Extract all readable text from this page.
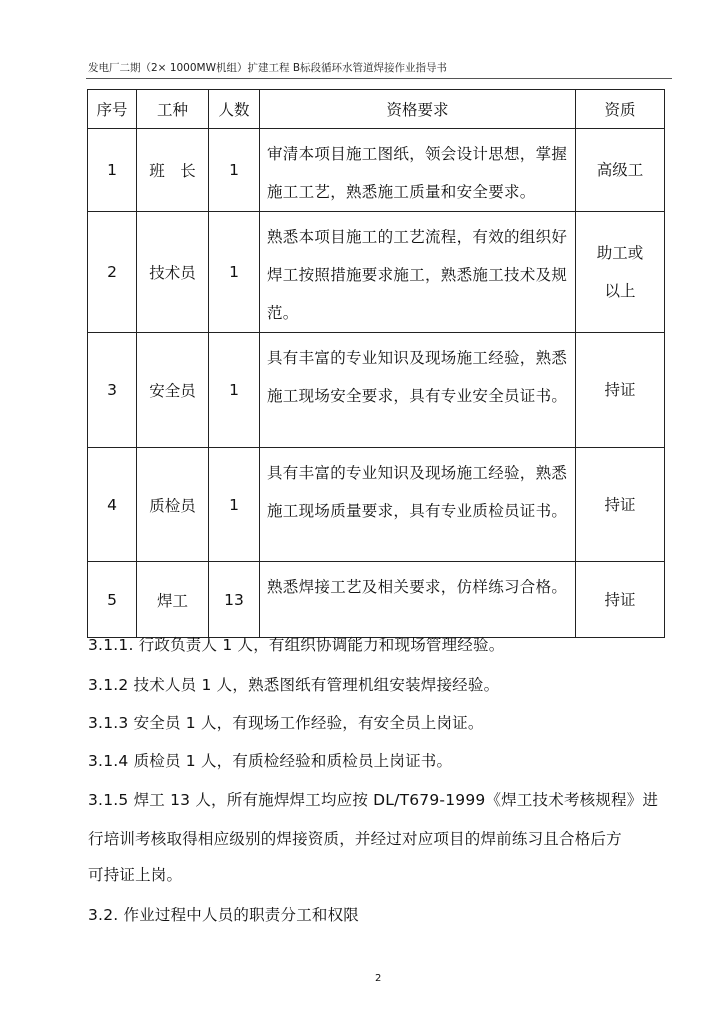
发电厂二期（2× 1000MW机组）扩建工程 B标段循环水管道焊接作业指导书
序号	工种	人数	资格要求	资质
1	班　长	1	审清本项目施工图纸，领会设计思想，掌握施工工艺，熟悉施工质量和安全要求。	高级工
2	技术员	1	熟悉本项目施工的工艺流程，有效的组织好焊工按照措施要求施工，熟悉施工技术及规范。	助工或以上
3	安全员	1	具有丰富的专业知识及现场施工经验，熟悉施工现场安全要求，具有专业安全员证书。	持证
4	质检员	1	具有丰富的专业知识及现场施工经验，熟悉施工现场质量要求，具有专业质检员证书。	持证
5	焊工	13	熟悉焊接工艺及相关要求，仿样练习合格。	持证
3.1.1. 行政负责人 1 人，有组织协调能力和现场管理经验。
3.1.2 技术人员 1 人，熟悉图纸有管理机组安装焊接经验。
3.1.3 安全员 1 人，有现场工作经验，有安全员上岗证。
3.1.4 质检员 1 人，有质检经验和质检员上岗证书。
3.1.5 焊工 13 人，所有施焊焊工均应按 DL/T679-1999《焊工技术考核规程》进
行培训考核取得相应级别的焊接资质，并经过对应项目的焊前练习且合格后方
可持证上岗。
3.2. 作业过程中人员的职责分工和权限
2
